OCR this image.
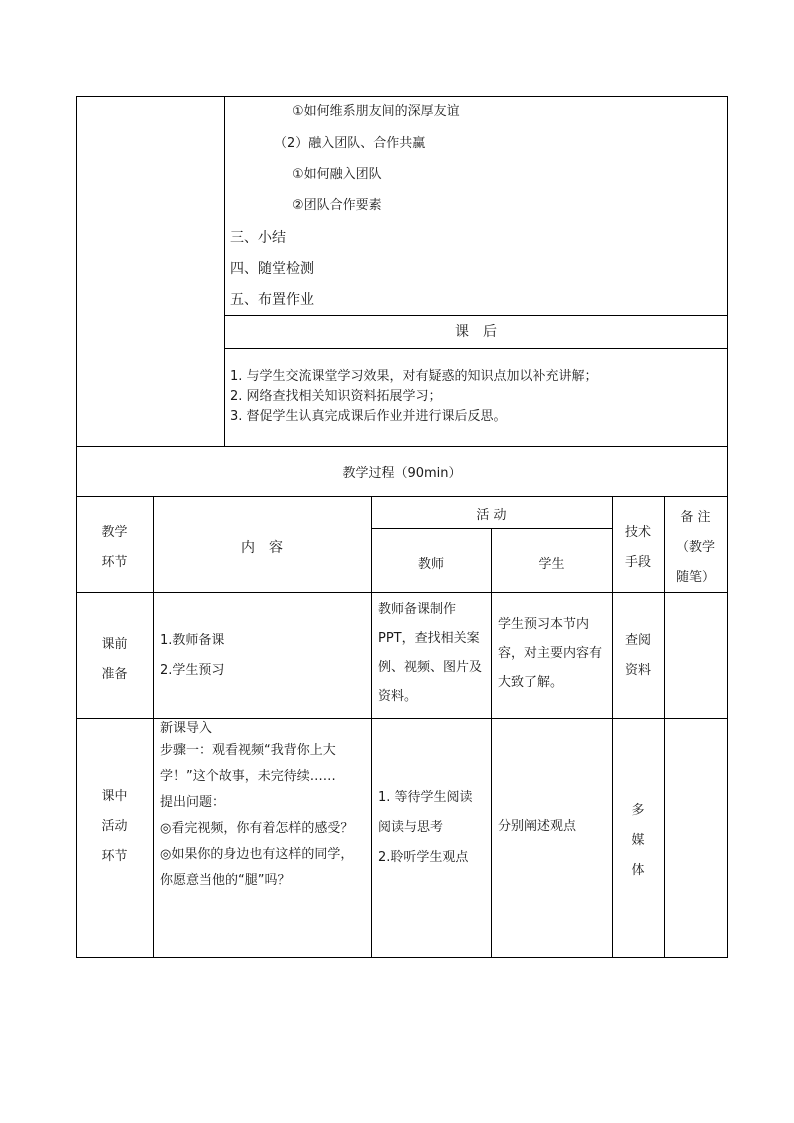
①如何维系朋友间的深厚友谊
（2）融入团队、合作共赢
①如何融入团队
②团队合作要素
三、小结
四、随堂检测
五、布置作业
课　后
1. 与学生交流课堂学习效果，对有疑惑的知识点加以补充讲解；
2. 网络查找相关知识资料拓展学习；
3. 督促学生认真完成课后作业并进行课后反思。
教学过程（90min）
教学
环节
内　容
活 动
教师	学生
技术
手段
备 注
（教学
随笔）
课前
准备
1.教师备课
2.学生预习
教师备课制作
PPT，查找相关案
例、视频、图片及
资料。
学生预习本节内
容，对主要内容有
大致了解。
查阅
资料
课中
活动
环节
新课导入
步骤一：观看视频“我背你上大
学！”这个故事，未完待续……
提出问题：
◎看完视频，你有着怎样的感受？
◎如果你的身边也有这样的同学，
你愿意当他的“腿”吗？
1. 等待学生阅读
阅读与思考
2.聆听学生观点
分别阐述观点
多
媒
体
